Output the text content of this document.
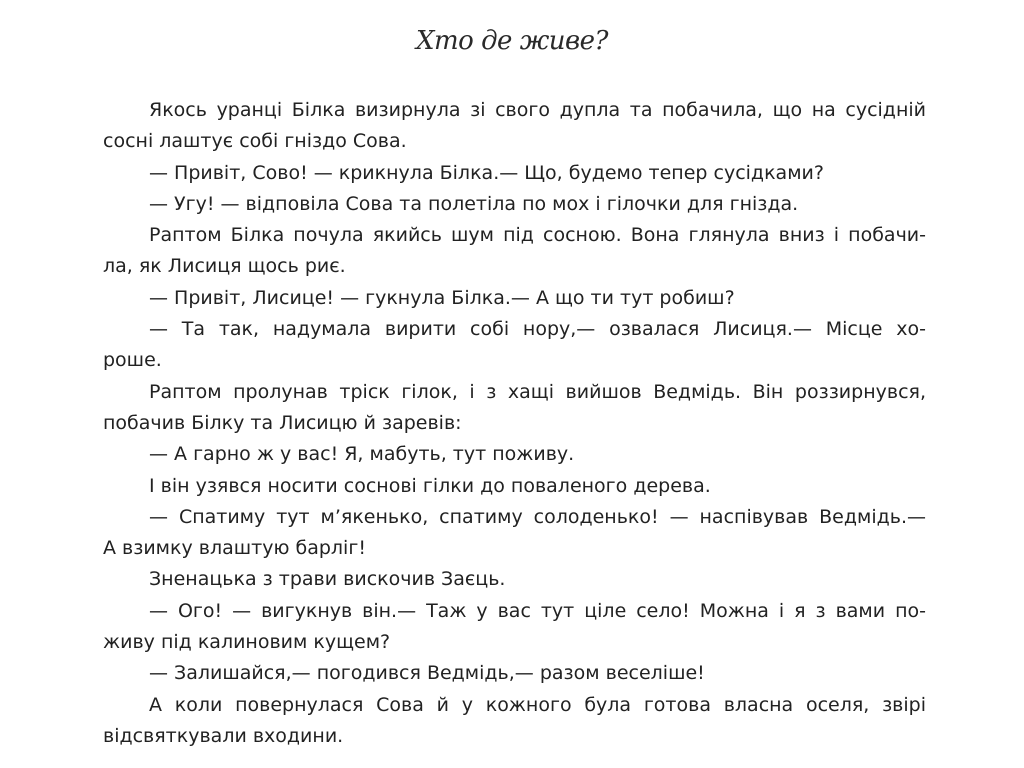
Хто де живе?
Якось уранці Білка визирнула зі свого дупла та побачила, що на сусідній
сосні лаштує собі гніздо Сова.
— Привіт, Сово! — крикнула Білка.— Що, будемо тепер сусідками?
— Угу! — відповіла Сова та полетіла по мох і гілочки для гнізда.
Раптом Білка почула якийсь шум під сосною. Вона глянула вниз і побачи-
ла, як Лисиця щось риє.
— Привіт, Лисице! — гукнула Білка.— А що ти тут робиш?
— Та так, надумала вирити собі нору,— озвалася Лисиця.— Місце хо-
роше.
Раптом пролунав тріск гілок, і з хащі вийшов Ведмідь. Він роззирнувся,
побачив Білку та Лисицю й заревів:
— А гарно ж у вас! Я, мабуть, тут поживу.
І він узявся носити соснові гілки до поваленого дерева.
— Спатиму тут м’якенько, спатиму солоденько! — наспівував Ведмідь.—
А взимку влаштую барліг!
Зненацька з трави вискочив Заєць.
— Ого! — вигукнув він.— Таж у вас тут ціле село! Можна і я з вами по-
живу під калиновим кущем?
— Залишайся,— погодився Ведмідь,— разом веселіше!
А коли повернулася Сова й у кожного була готова власна оселя, звірі
відсвяткували входини.
